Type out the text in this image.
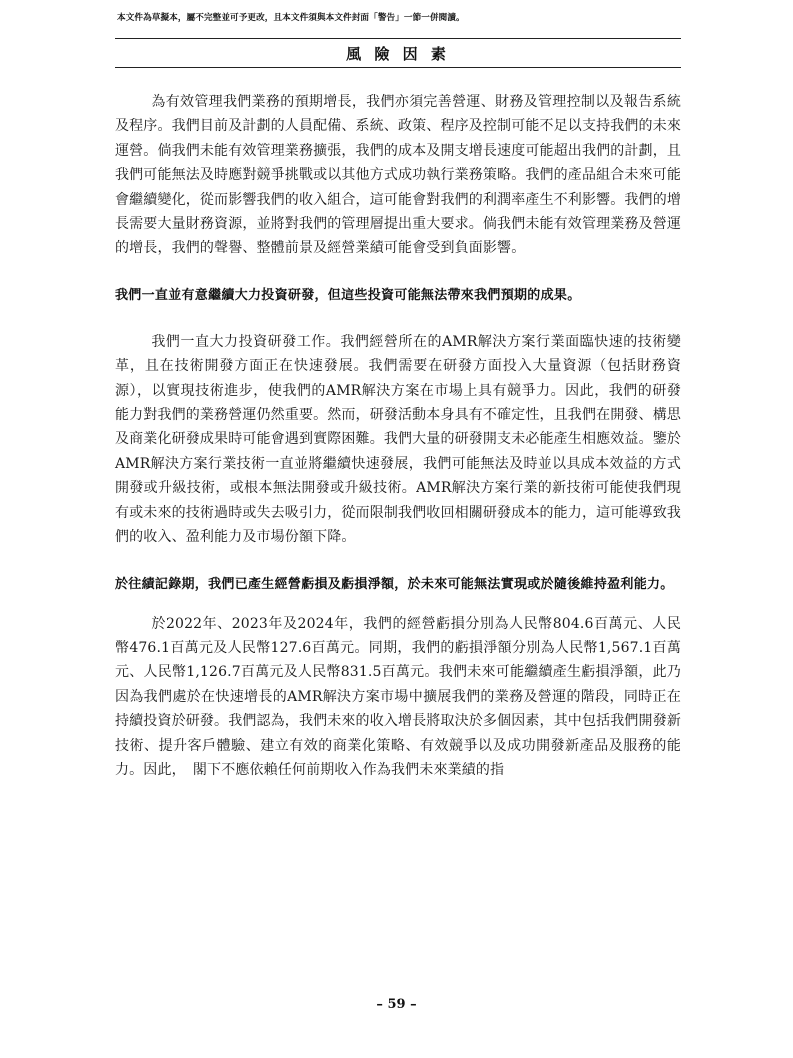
本文件為草擬本，屬不完整並可予更改，且本文件須與本文件封面「警告」一節一併閱讀。
風 險 因 素

為有效管理我們業務的預期增長，我們亦須完善營運、財務及管理控制以及報告系統及程序。我們目前及計劃的人員配備、系統、政策、程序及控制可能不足以支持我們的未來運營。倘我們未能有效管理業務擴張，我們的成本及開支增長速度可能超出我們的計劃，且我們可能無法及時應對競爭挑戰或以其他方式成功執行業務策略。我們的產品組合未來可能會繼續變化，從而影響我們的收入組合，這可能會對我們的利潤率產生不利影響。我們的增長需要大量財務資源，並將對我們的管理層提出重大要求。倘我們未能有效管理業務及營運的增長，我們的聲譽、整體前景及經營業績可能會受到負面影響。

我們一直並有意繼續大力投資研發，但這些投資可能無法帶來我們預期的成果。

我們一直大力投資研發工作。我們經營所在的AMR解決方案行業面臨快速的技術變革，且在技術開發方面正在快速發展。我們需要在研發方面投入大量資源（包括財務資源），以實現技術進步，使我們的AMR解決方案在市場上具有競爭力。因此，我們的研發能力對我們的業務營運仍然重要。然而，研發活動本身具有不確定性，且我們在開發、構思及商業化研發成果時可能會遇到實際困難。我們大量的研發開支未必能產生相應效益。鑒於AMR解決方案行業技術一直並將繼續快速發展，我們可能無法及時並以具成本效益的方式開發或升級技術，或根本無法開發或升級技術。AMR解決方案行業的新技術可能使我們現有或未來的技術過時或失去吸引力，從而限制我們收回相關研發成本的能力，這可能導致我們的收入、盈利能力及市場份額下降。

於往績記錄期，我們已產生經營虧損及虧損淨額，於未來可能無法實現或於隨後維持盈利能力。

於2022年、2023年及2024年，我們的經營虧損分別為人民幣804.6百萬元、人民幣476.1百萬元及人民幣127.6百萬元。同期，我們的虧損淨額分別為人民幣1,567.1百萬元、人民幣1,126.7百萬元及人民幣831.5百萬元。我們未來可能繼續產生虧損淨額，此乃因為我們處於在快速增長的AMR解決方案市場中擴展我們的業務及營運的階段，同時正在持續投資於研發。我們認為，我們未來的收入增長將取決於多個因素，其中包括我們開發新技術、提升客戶體驗、建立有效的商業化策略、有效競爭以及成功開發新產品及服務的能力。因此，　閣下不應依賴任何前期收入作為我們未來業績的指

– 59 –
